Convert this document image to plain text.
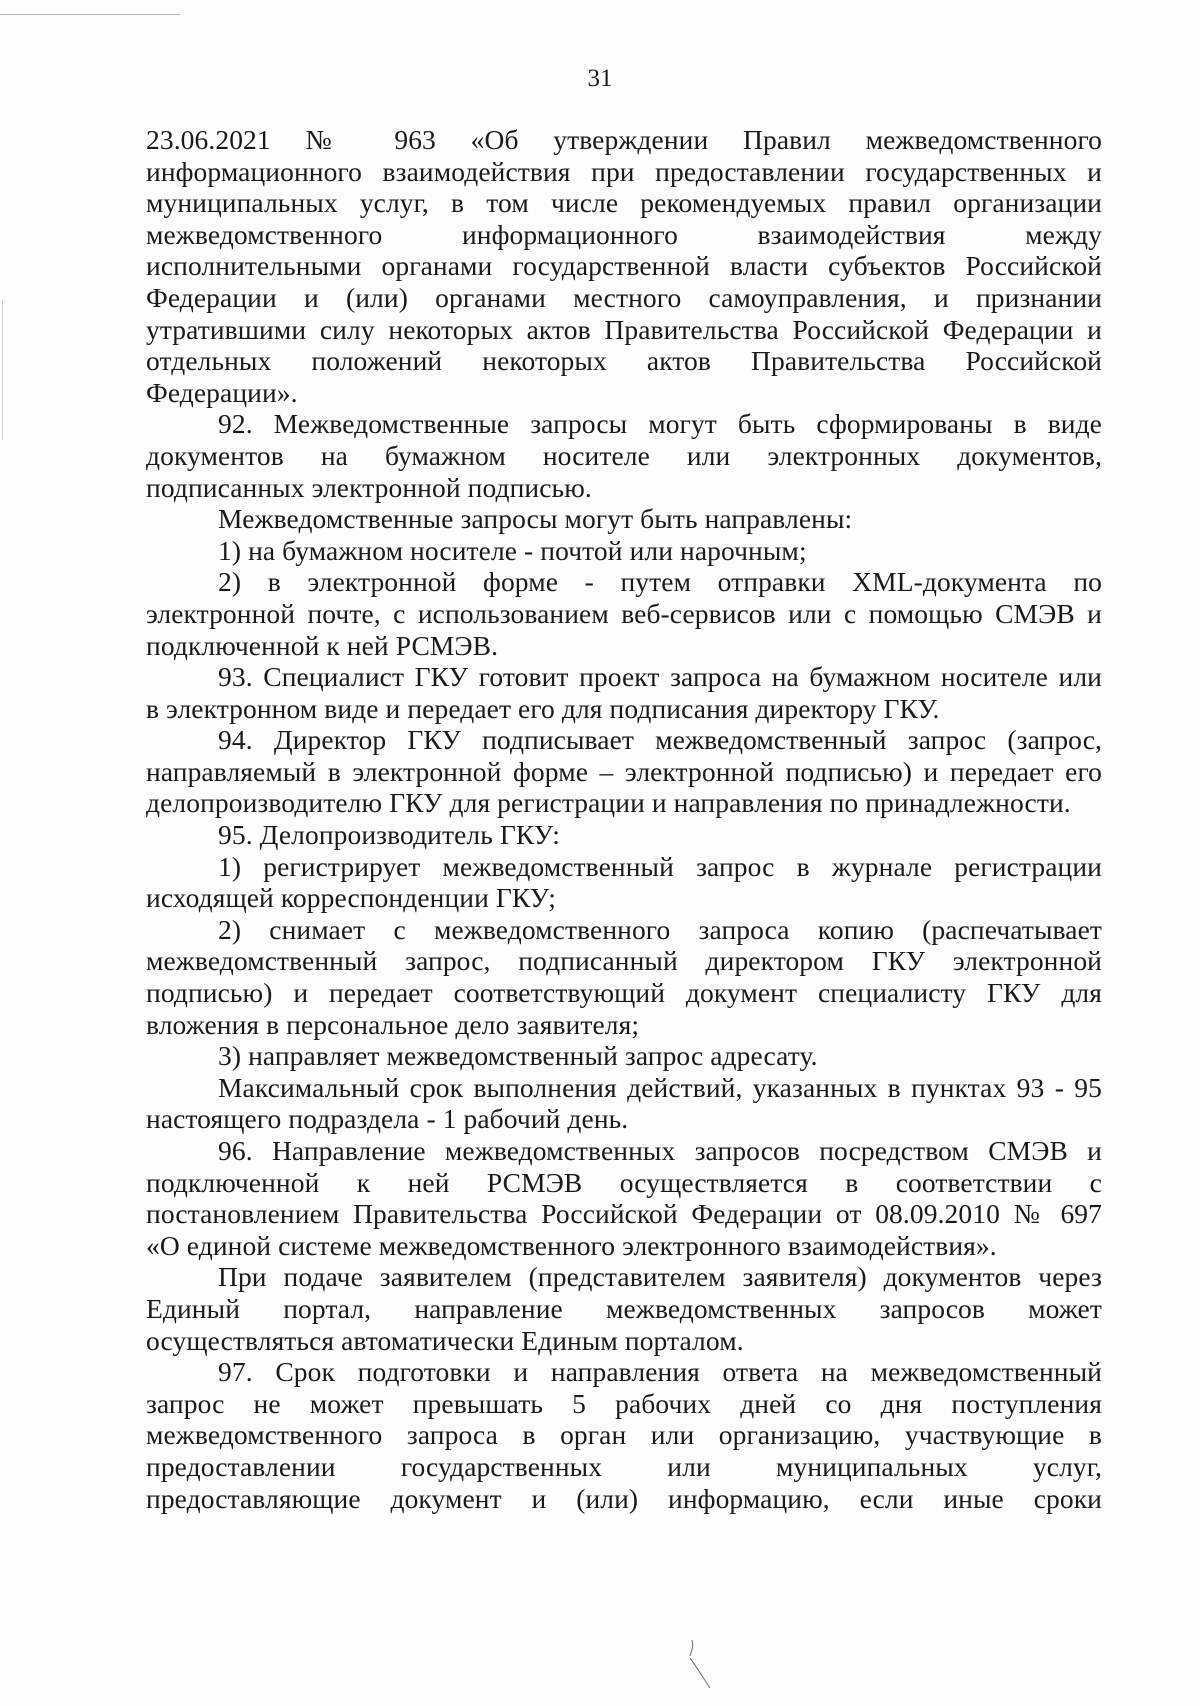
31
23.06.2021 № 963 «Об утверждении Правил межведомственного
информационного взаимодействия при предоставлении государственных и
муниципальных услуг, в том числе рекомендуемых правил организации
межведомственного информационного взаимодействия между
исполнительными органами государственной власти субъектов Российской
Федерации и (или) органами местного самоуправления, и признании
утратившими силу некоторых актов Правительства Российской Федерации и
отдельных положений некоторых актов Правительства Российской
Федерации».
92. Межведомственные запросы могут быть сформированы в виде
документов на бумажном носителе или электронных документов,
подписанных электронной подписью.
Межведомственные запросы могут быть направлены:
1) на бумажном носителе - почтой или нарочным;
2) в электронной форме - путем отправки XML-документа по
электронной почте, с использованием веб-сервисов или с помощью СМЭВ и
подключенной к ней РСМЭВ.
93. Специалист ГКУ готовит проект запроса на бумажном носителе или
в электронном виде и передает его для подписания директору ГКУ.
94. Директор ГКУ подписывает межведомственный запрос (запрос,
направляемый в электронной форме – электронной подписью) и передает его
делопроизводителю ГКУ для регистрации и направления по принадлежности.
95. Делопроизводитель ГКУ:
1) регистрирует межведомственный запрос в журнале регистрации
исходящей корреспонденции ГКУ;
2) снимает с межведомственного запроса копию (распечатывает
межведомственный запрос, подписанный директором ГКУ электронной
подписью) и передает соответствующий документ специалисту ГКУ для
вложения в персональное дело заявителя;
3) направляет межведомственный запрос адресату.
Максимальный срок выполнения действий, указанных в пунктах 93 - 95
настоящего подраздела - 1 рабочий день.
96. Направление межведомственных запросов посредством СМЭВ и
подключенной к ней РСМЭВ осуществляется в соответствии с
постановлением Правительства Российской Федерации от 08.09.2010 № 697
«О единой системе межведомственного электронного взаимодействия».
При подаче заявителем (представителем заявителя) документов через
Единый портал, направление межведомственных запросов может
осуществляться автоматически Единым порталом.
97. Срок подготовки и направления ответа на межведомственный
запрос не может превышать 5 рабочих дней со дня поступления
межведомственного запроса в орган или организацию, участвующие в
предоставлении государственных или муниципальных услуг,
предоставляющие документ и (или) информацию, если иные сроки
